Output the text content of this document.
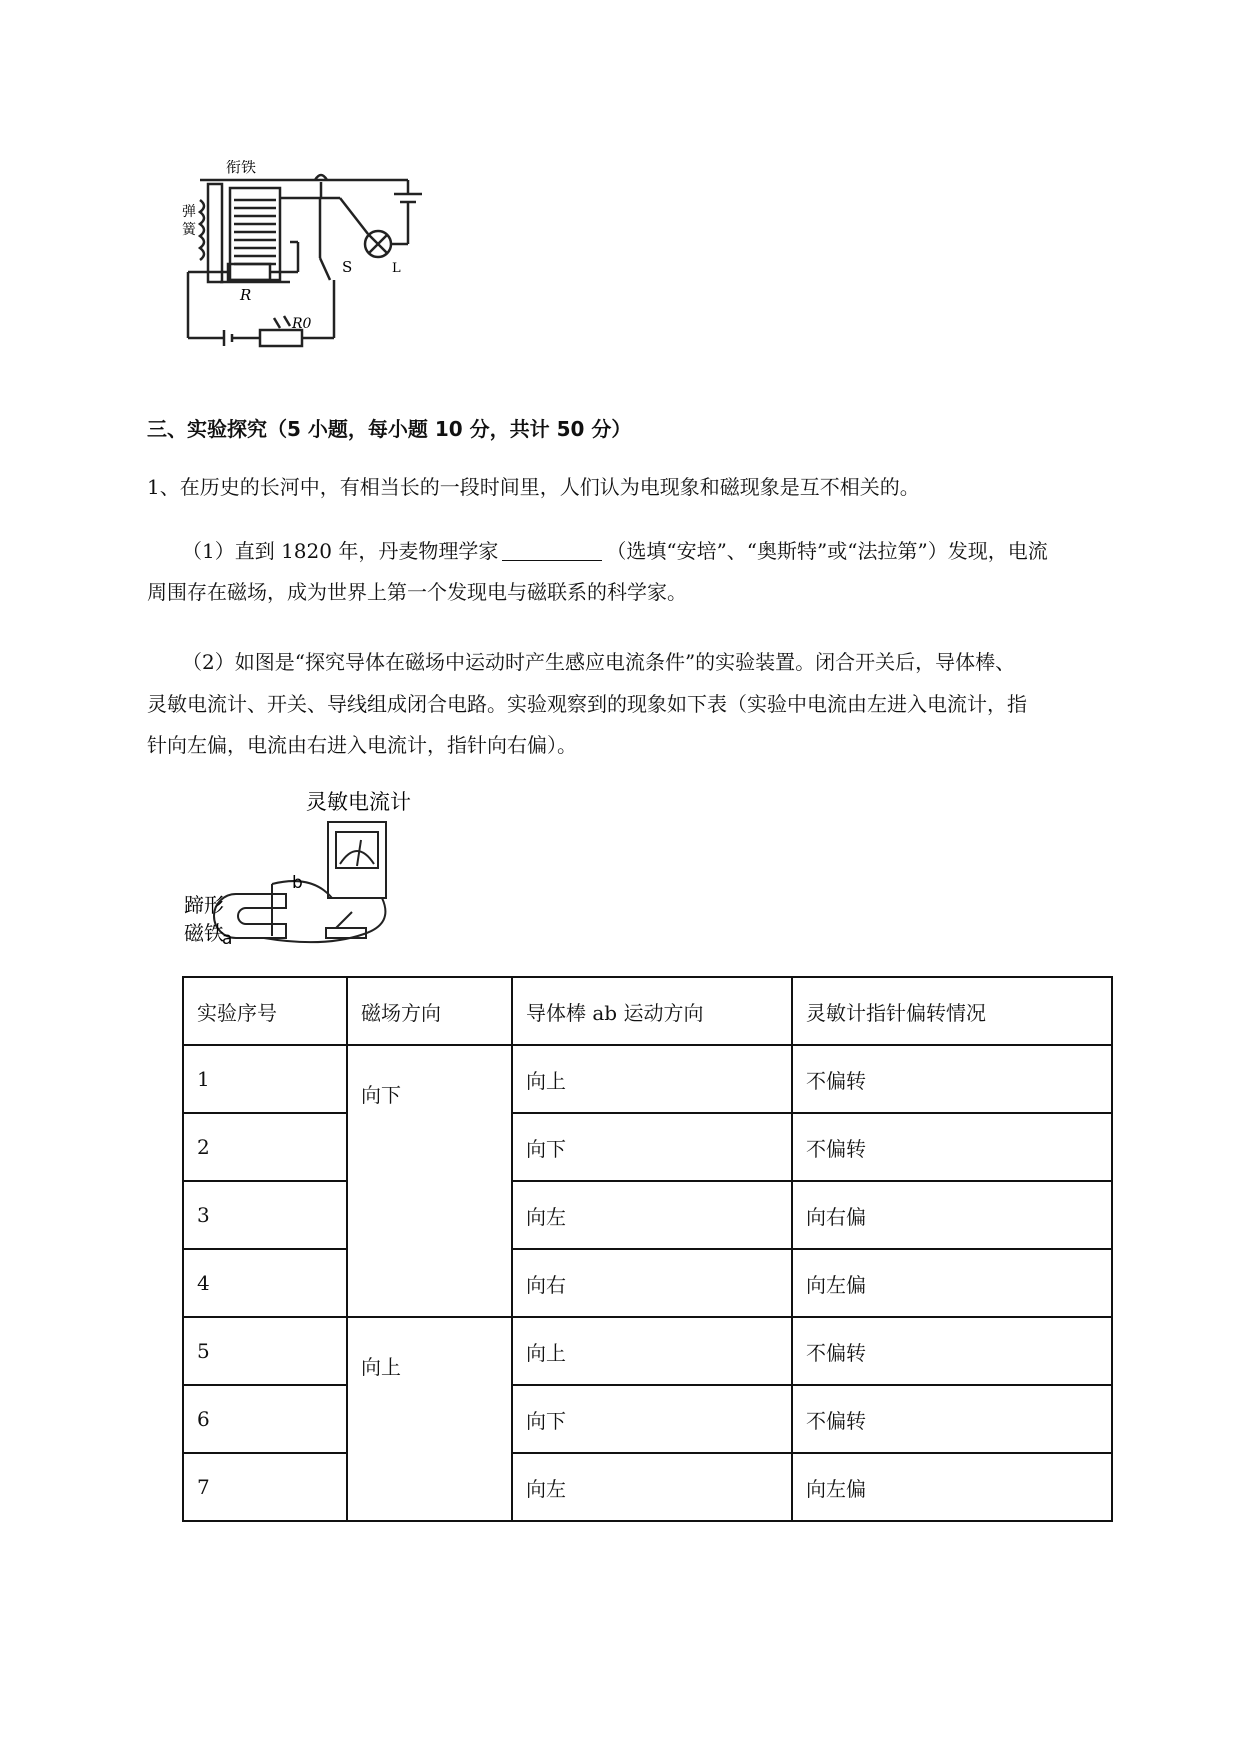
衔铁
弹簧
R
R0
S	L
三、实验探究（5 小题，每小题 10 分，共计 50 分）
1、在历史的长河中，有相当长的一段时间里，人们认为电现象和磁现象是互不相关的。
（1）直到 1820 年，丹麦物理学家	（选填“安培”、“奥斯特”或“法拉第”）发现，电流
周围存在磁场，成为世界上第一个发现电与磁联系的科学家。
（2）如图是“探究导体在磁场中运动时产生感应电流条件”的实验装置。闭合开关后，导体棒、
灵敏电流计、开关、导线组成闭合电路。实验观察到的现象如下表（实验中电流由左进入电流计，指
针向左偏，电流由右进入电流计，指针向右偏）。
灵敏电流计
b
a
蹄形
磁铁
实验序号	磁场方向	导体棒 ab 运动方向	灵敏计指针偏转情况
1	向下	向上	不偏转
2		向下	不偏转
3		向左	向右偏
4		向右	向左偏
5	向上	向上	不偏转
6		向下	不偏转
7		向左	向左偏
